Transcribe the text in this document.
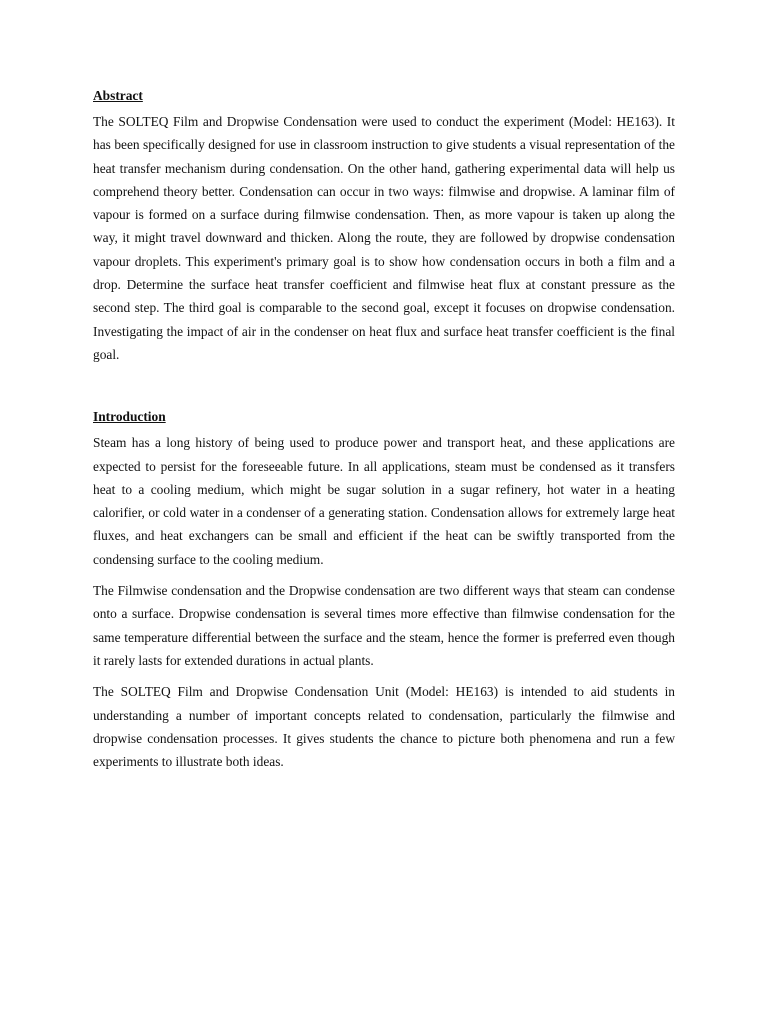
Abstract

The SOLTEQ Film and Dropwise Condensation were used to conduct the experiment (Model: HE163). It has been specifically designed for use in classroom instruction to give students a visual representation of the heat transfer mechanism during condensation. On the other hand, gathering experimental data will help us comprehend theory better. Condensation can occur in two ways: filmwise and dropwise. A laminar film of vapour is formed on a surface during filmwise condensation. Then, as more vapour is taken up along the way, it might travel downward and thicken. Along the route, they are followed by dropwise condensation vapour droplets. This experiment's primary goal is to show how condensation occurs in both a film and a drop. Determine the surface heat transfer coefficient and filmwise heat flux at constant pressure as the second step. The third goal is comparable to the second goal, except it focuses on dropwise condensation. Investigating the impact of air in the condenser on heat flux and surface heat transfer coefficient is the final goal.

Introduction

Steam has a long history of being used to produce power and transport heat, and these applications are expected to persist for the foreseeable future. In all applications, steam must be condensed as it transfers heat to a cooling medium, which might be sugar solution in a sugar refinery, hot water in a heating calorifier, or cold water in a condenser of a generating station. Condensation allows for extremely large heat fluxes, and heat exchangers can be small and efficient if the heat can be swiftly transported from the condensing surface to the cooling medium.

The Filmwise condensation and the Dropwise condensation are two different ways that steam can condense onto a surface. Dropwise condensation is several times more effective than filmwise condensation for the same temperature differential between the surface and the steam, hence the former is preferred even though it rarely lasts for extended durations in actual plants.

The SOLTEQ Film and Dropwise Condensation Unit (Model: HE163) is intended to aid students in understanding a number of important concepts related to condensation, particularly the filmwise and dropwise condensation processes. It gives students the chance to picture both phenomena and run a few experiments to illustrate both ideas.
